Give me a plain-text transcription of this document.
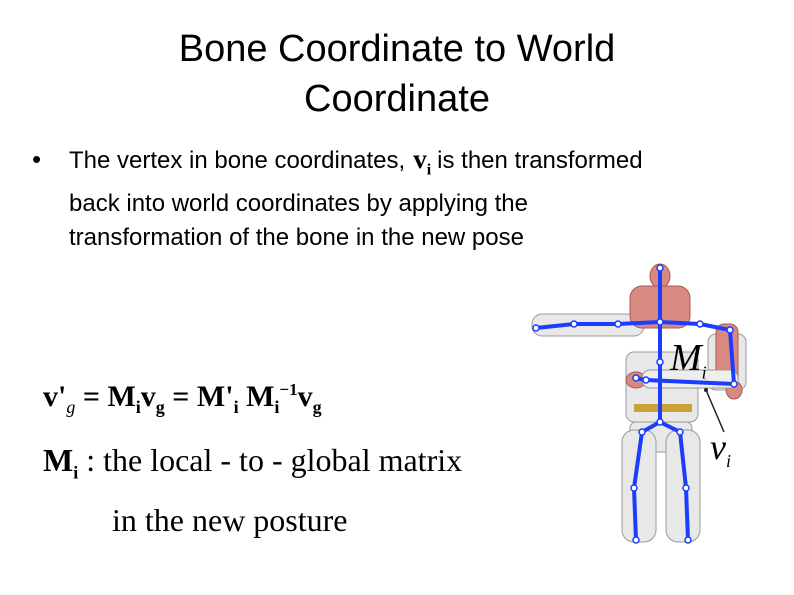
Bone Coordinate to World
Coordinate
• The vertex in bone coordinates, $v_i$ is then transformed back into world coordinates by applying the transformation of the bone in the new pose
$v'_g = M_iv_g = M'_i$ $M_i^{-1}v_g$
$M_i$ : the local - to - global matrix
in the new posture
$M_i$
$v_i$
